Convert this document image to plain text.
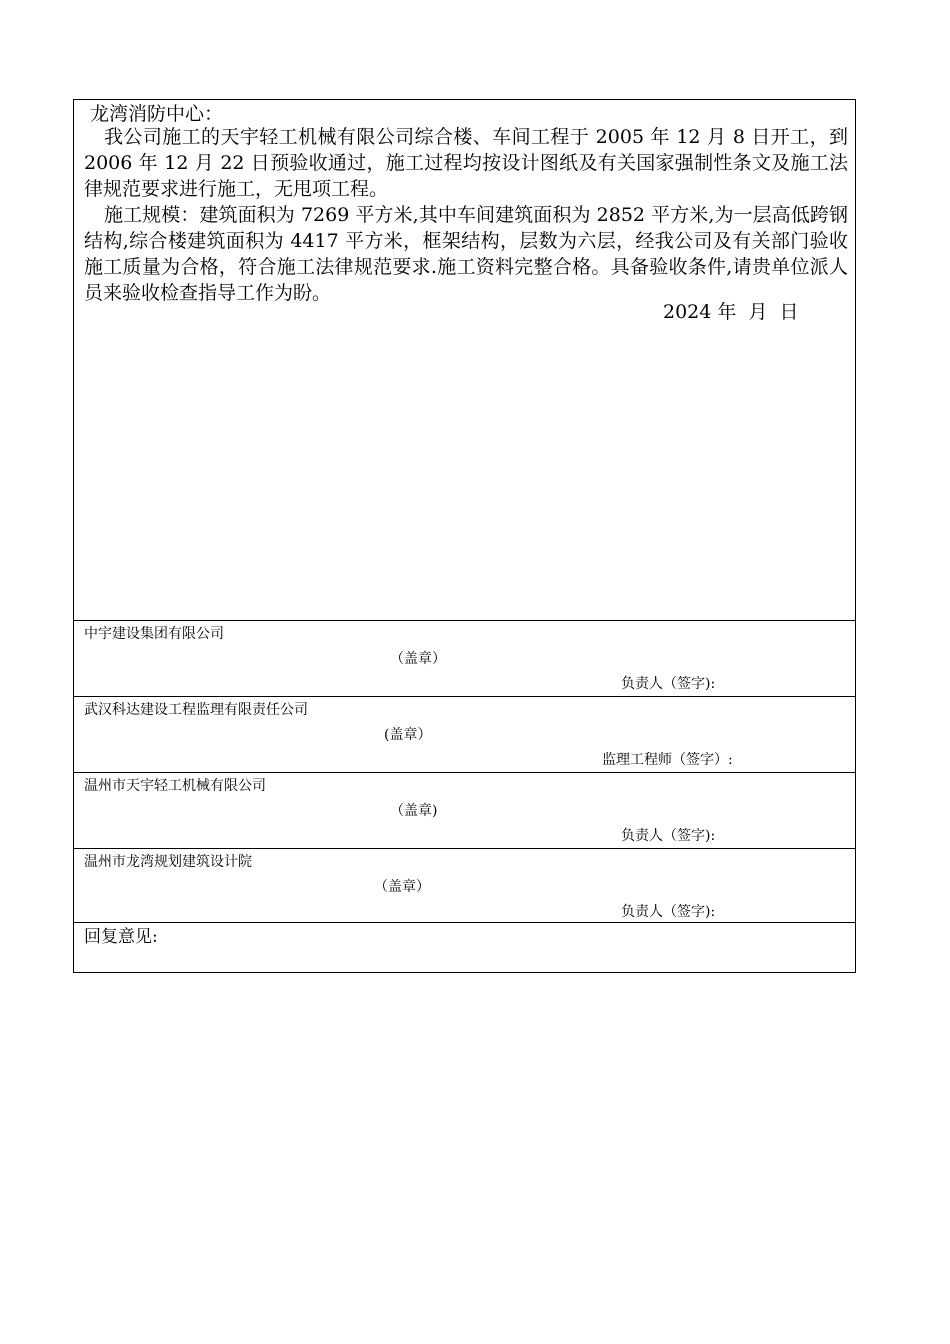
龙湾消防中心：

我公司施工的天宇轻工机械有限公司综合楼、车间工程于 2005 年 12 月 8 日开工，到 2006 年 12 月 22 日预验收通过，施工过程均按设计图纸及有关国家强制性条文及施工法律规范要求进行施工，无甩项工程。

施工规模：建筑面积为 7269 平方米,其中车间建筑面积为 2852 平方米,为一层高低跨钢结构,综合楼建筑面积为 4417 平方米，框架结构，层数为六层，经我公司及有关部门验收施工质量为合格，符合施工法律规范要求.施工资料完整合格。具备验收条件,请贵单位派人员来验收检查指导工作为盼。

2024 年  月  日
中宇建设集团有限公司
（盖章）
负责人（签字):
武汉科达建设工程监理有限责任公司
(盖章）
监理工程师（签字）:
温州市天宇轻工机械有限公司
（盖章)
负责人（签字):
温州市龙湾规划建筑设计院
（盖章）
负责人（签字):
回复意见:
